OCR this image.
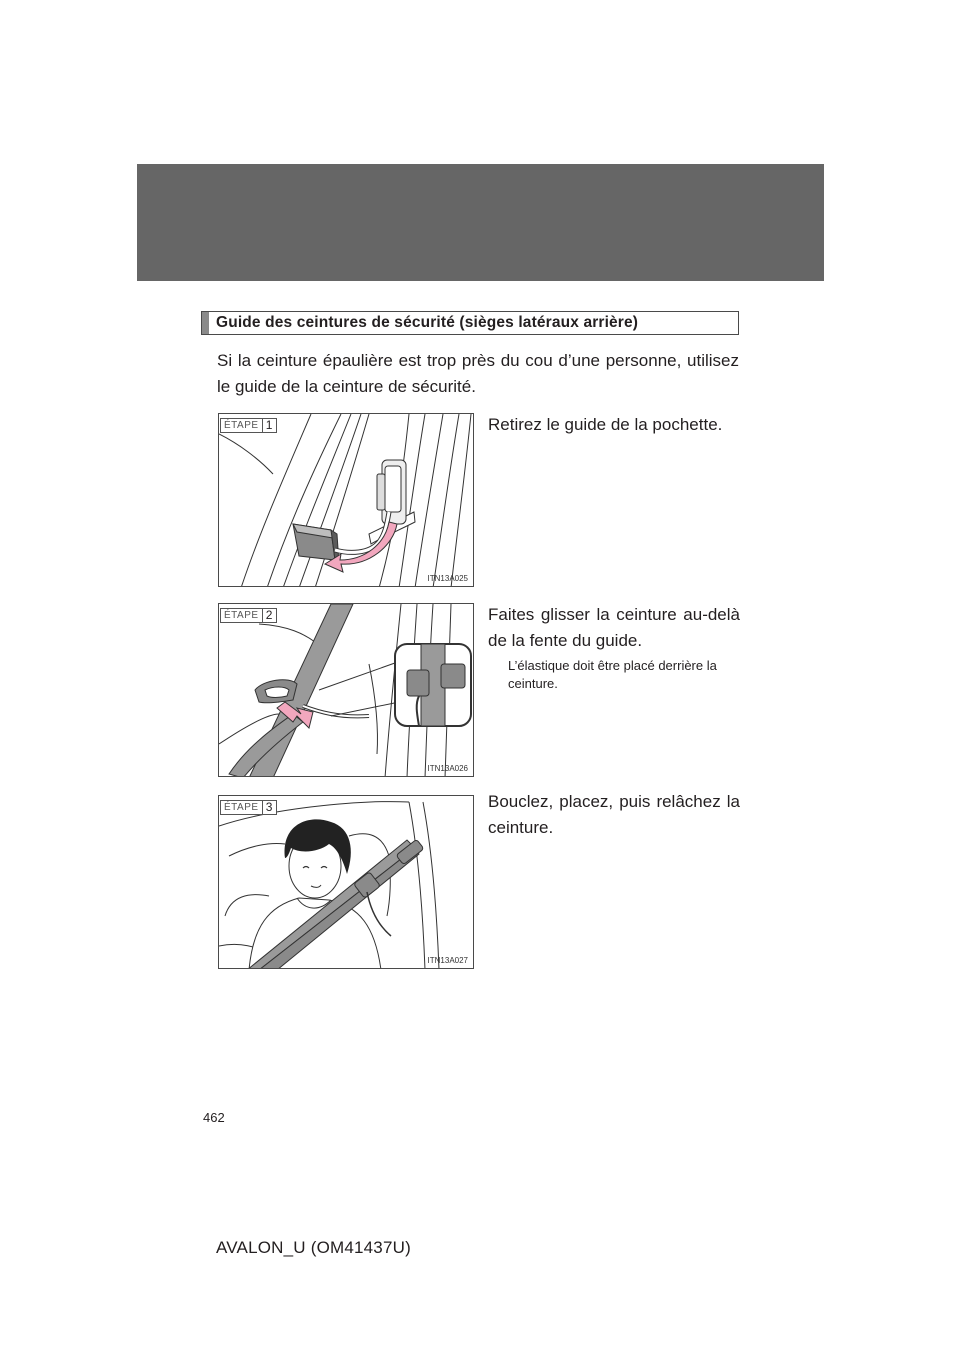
Guide des ceintures de sécurité (sièges latéraux arrière)
Si la ceinture épaulière est trop près du cou d’une personne, utilisez le guide de la ceinture de sécurité.
ÉTAPE 1
ITN13A025
Retirez le guide de la pochette.
ÉTAPE 2
ITN13A026
Faites glisser la ceinture au-delà de la fente du guide.
L’élastique doit être placé derrière la ceinture.
ÉTAPE 3
ITN13A027
Bouclez, placez, puis relâchez la ceinture.
462
AVALON_U (OM41437U)
